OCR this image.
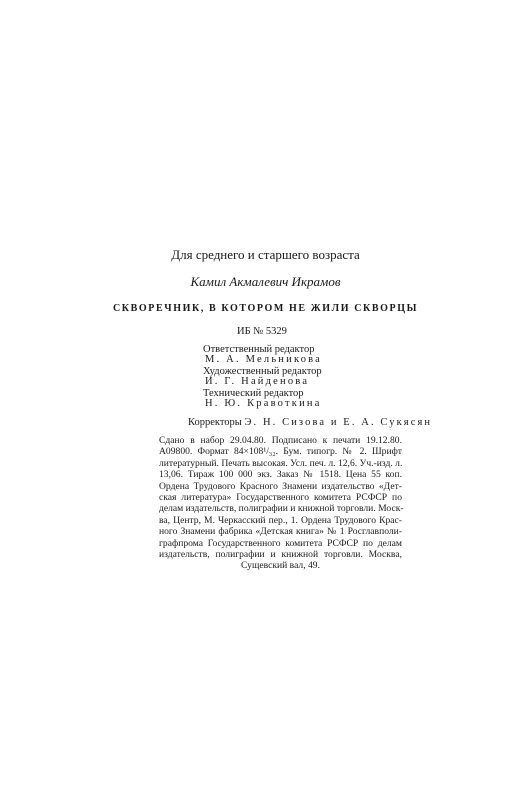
Для среднего и старшего возраста
Камил Акмалевич Икрамов
СКВОРЕЧНИК, В КОТОРОМ НЕ ЖИЛИ СКВОРЦЫ
ИБ № 5329
Ответственный редактор
М. А. Мельникова
Художественный редактор
И. Г. Найденова
Технический редактор
Н. Ю. Кравоткина
Корректоры Э. Н. Сизова и Е. А. Сукясян
Сдано в набор 29.04.80. Подписано к печати 19.12.80.
А09800. Формат 84×108¹/₃₂. Бум. типогр. № 2. Шрифт
литературный. Печать высокая. Усл. печ. л. 12,6. Уч.-изд. л.
13,06. Тираж 100 000 экз. Заказ № 1518. Цена 55 коп.
Ордена Трудового Красного Знамени издательство «Дет-
ская литература» Государственного комитета РСФСР по
делам издательств, полиграфии и книжной торговли. Моск-
ва, Центр, М. Черкасский пер., 1. Ордена Трудового Крас-
ного Знамени фабрика «Детская книга» № 1 Росглавполи-
графпрома Государственного комитета РСФСР по делам
издательств, полиграфии и книжной торговли. Москва,
Сущевский вал, 49.
